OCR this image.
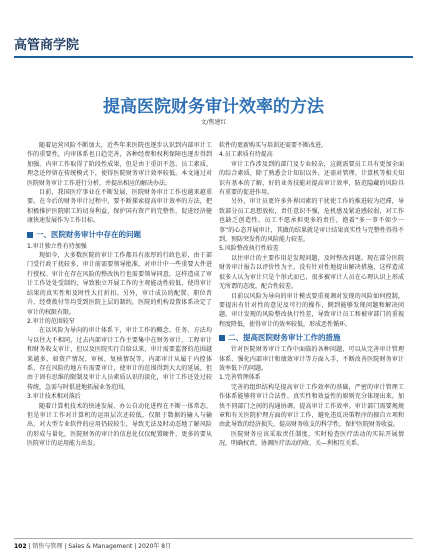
高管商学院
提高医院财务审计效率的方法
文/焦建红

随着运营风险不断加大，近些年来医院也逐步认识到内部审计工作的重要性，内审体系也日趋完善，各种经费和权利保障也逐步得到加强。内审工作取得了阶段性成果，但是由于重识不忽、员工素质、理念还停留在传统模式下，使得医院财务审计效率较低。本文通过对医院财务审计工作进行分析，并提出相应的解决办法。

目前，我国医疗事业在不断发展，医院财务审计工作也越来越重要。在今后的财务审计过程中，要不断探索提高审计效率的方法，把积极推护医院职工的切身利益，保护国有资产的完整性，促进经济健康快速发展作为工作目标。

一、医院财务审计中存在的问题

1.审计独立性有待加强

现如今，大多数医院的审计工作都具有浓厚的行政色彩，由于部门受行政干扰较多，审计前需要领导批准，对审计中一些重要大件进行授权。审计在存在风险的整改执行也需要领导同意，这样造成了审计工作处处受制约，导致独立开展工作的主观能动性较低，使得审计结果的真实性和及时性大打折扣。另外，审计成员的配置、职位晋升、经费拨付等均受到医院上层的制约，医院的机构设置体系决定了审计的权限有限。

2.审计的范围较窄

在以风险为导向的审计体系下，审计工作的概念、任务、方法均与以往大不相同，过去内部审计工作主要集中在财务审计、工程审计和财务收支审计，但以及医院实行自给以来，审计需要监督的范围越来越多，如资产情况、审核、复核情况等，内部审计从属于内控体系，存在风险的地方有需要审计，使审计的范围得到大大的延展，但由于固有思维的限制及审计人员素质认识的淡化，审计工作还处过较传统，急需与时俱进地拓展业务范围。

3.审计技术相对落后

随着计算机技术的快速发展，办公自动化进程在不断一体常态，但是审计工作对计算机的运用层次还较低，仅限于数据的输入与输出，对大型专业软件的应用仍较较生，导致无法及时动态地了解风险的形成与量化，医院财务的审计的信息化仅仅配置硬件，更多的要从医院审计的运用能力出发。

软件的更新购买与培训还需要不断改进。

4.员工素质有待提高

审计工作涉及到的部门及专业较杂，这就需要员工具有更加全面的综合素质，除了熟悉会计知识以外，还需对管理、计算机等相关知识有基本的了解，好的业务技能对提高审计效率，防范隐藏的风险具有重要的促进作用。

另外，审计员更许多外界因素的干扰使工作的推进较为迟滞，导致部分员工思想放松，责任意识不强，危机感及紧迫感较弱，对工作也缺乏创造性。员工不愿承担更多的责任，抱着“多一事不如少一事”的心态开展审计，其做的结果就是审计结果真实性与完整性得得不到，预防突发性的风险能力较差。

5.风险整改执行性较差

以往审计的主要作用是发现问题，及时整改问题。现在部分医院财务审计报告以评价性为主，没有针对性地提出解决措施，这样造成很多人认为审计只是个形式而已，很多被审计人员在心理认识上形成无所谓的态度，配合性较差。

目前以风险为导向的审计模式要重视调对发现的风险如何控制，要提出有针对性的意见及可行的操作，側到能够发现问题和解决问题。审计发现的风险整改执行性差，导致审计员工和被审部门的重视程度降低，使得审计的效率较低，形成恶性循环。

二、提高医院财务审计工作的措施

针对医院财务审计工作中面临的各种问题，可以从完善审计管理体系、强化内部审计和绩效审计等方面入手，不断改善医院财务审计效率低下的问题。

1.完善管理体系

完善的组织结构是提高审计工作效率的基础，严密的审计管理工作体系能够将审计合法性、真实性和效益性的原则充分体现出来，加快不同部门之间的沟通协调，提高审计工作效率。审计部门需要规规章和有关医院护理方面的审计工作，避免违反决策程序的擅自立项和由此导致的经济损失，提高财务收支的科学性，保护医院财务收益。

医院财务应该采取责任制度，实时检查医疗活动的实际开展情况，明确权责，协调医疗活动的收、关—利相互关系。

102 | 销售与管理 | Sales & Management | 2020年 8月
